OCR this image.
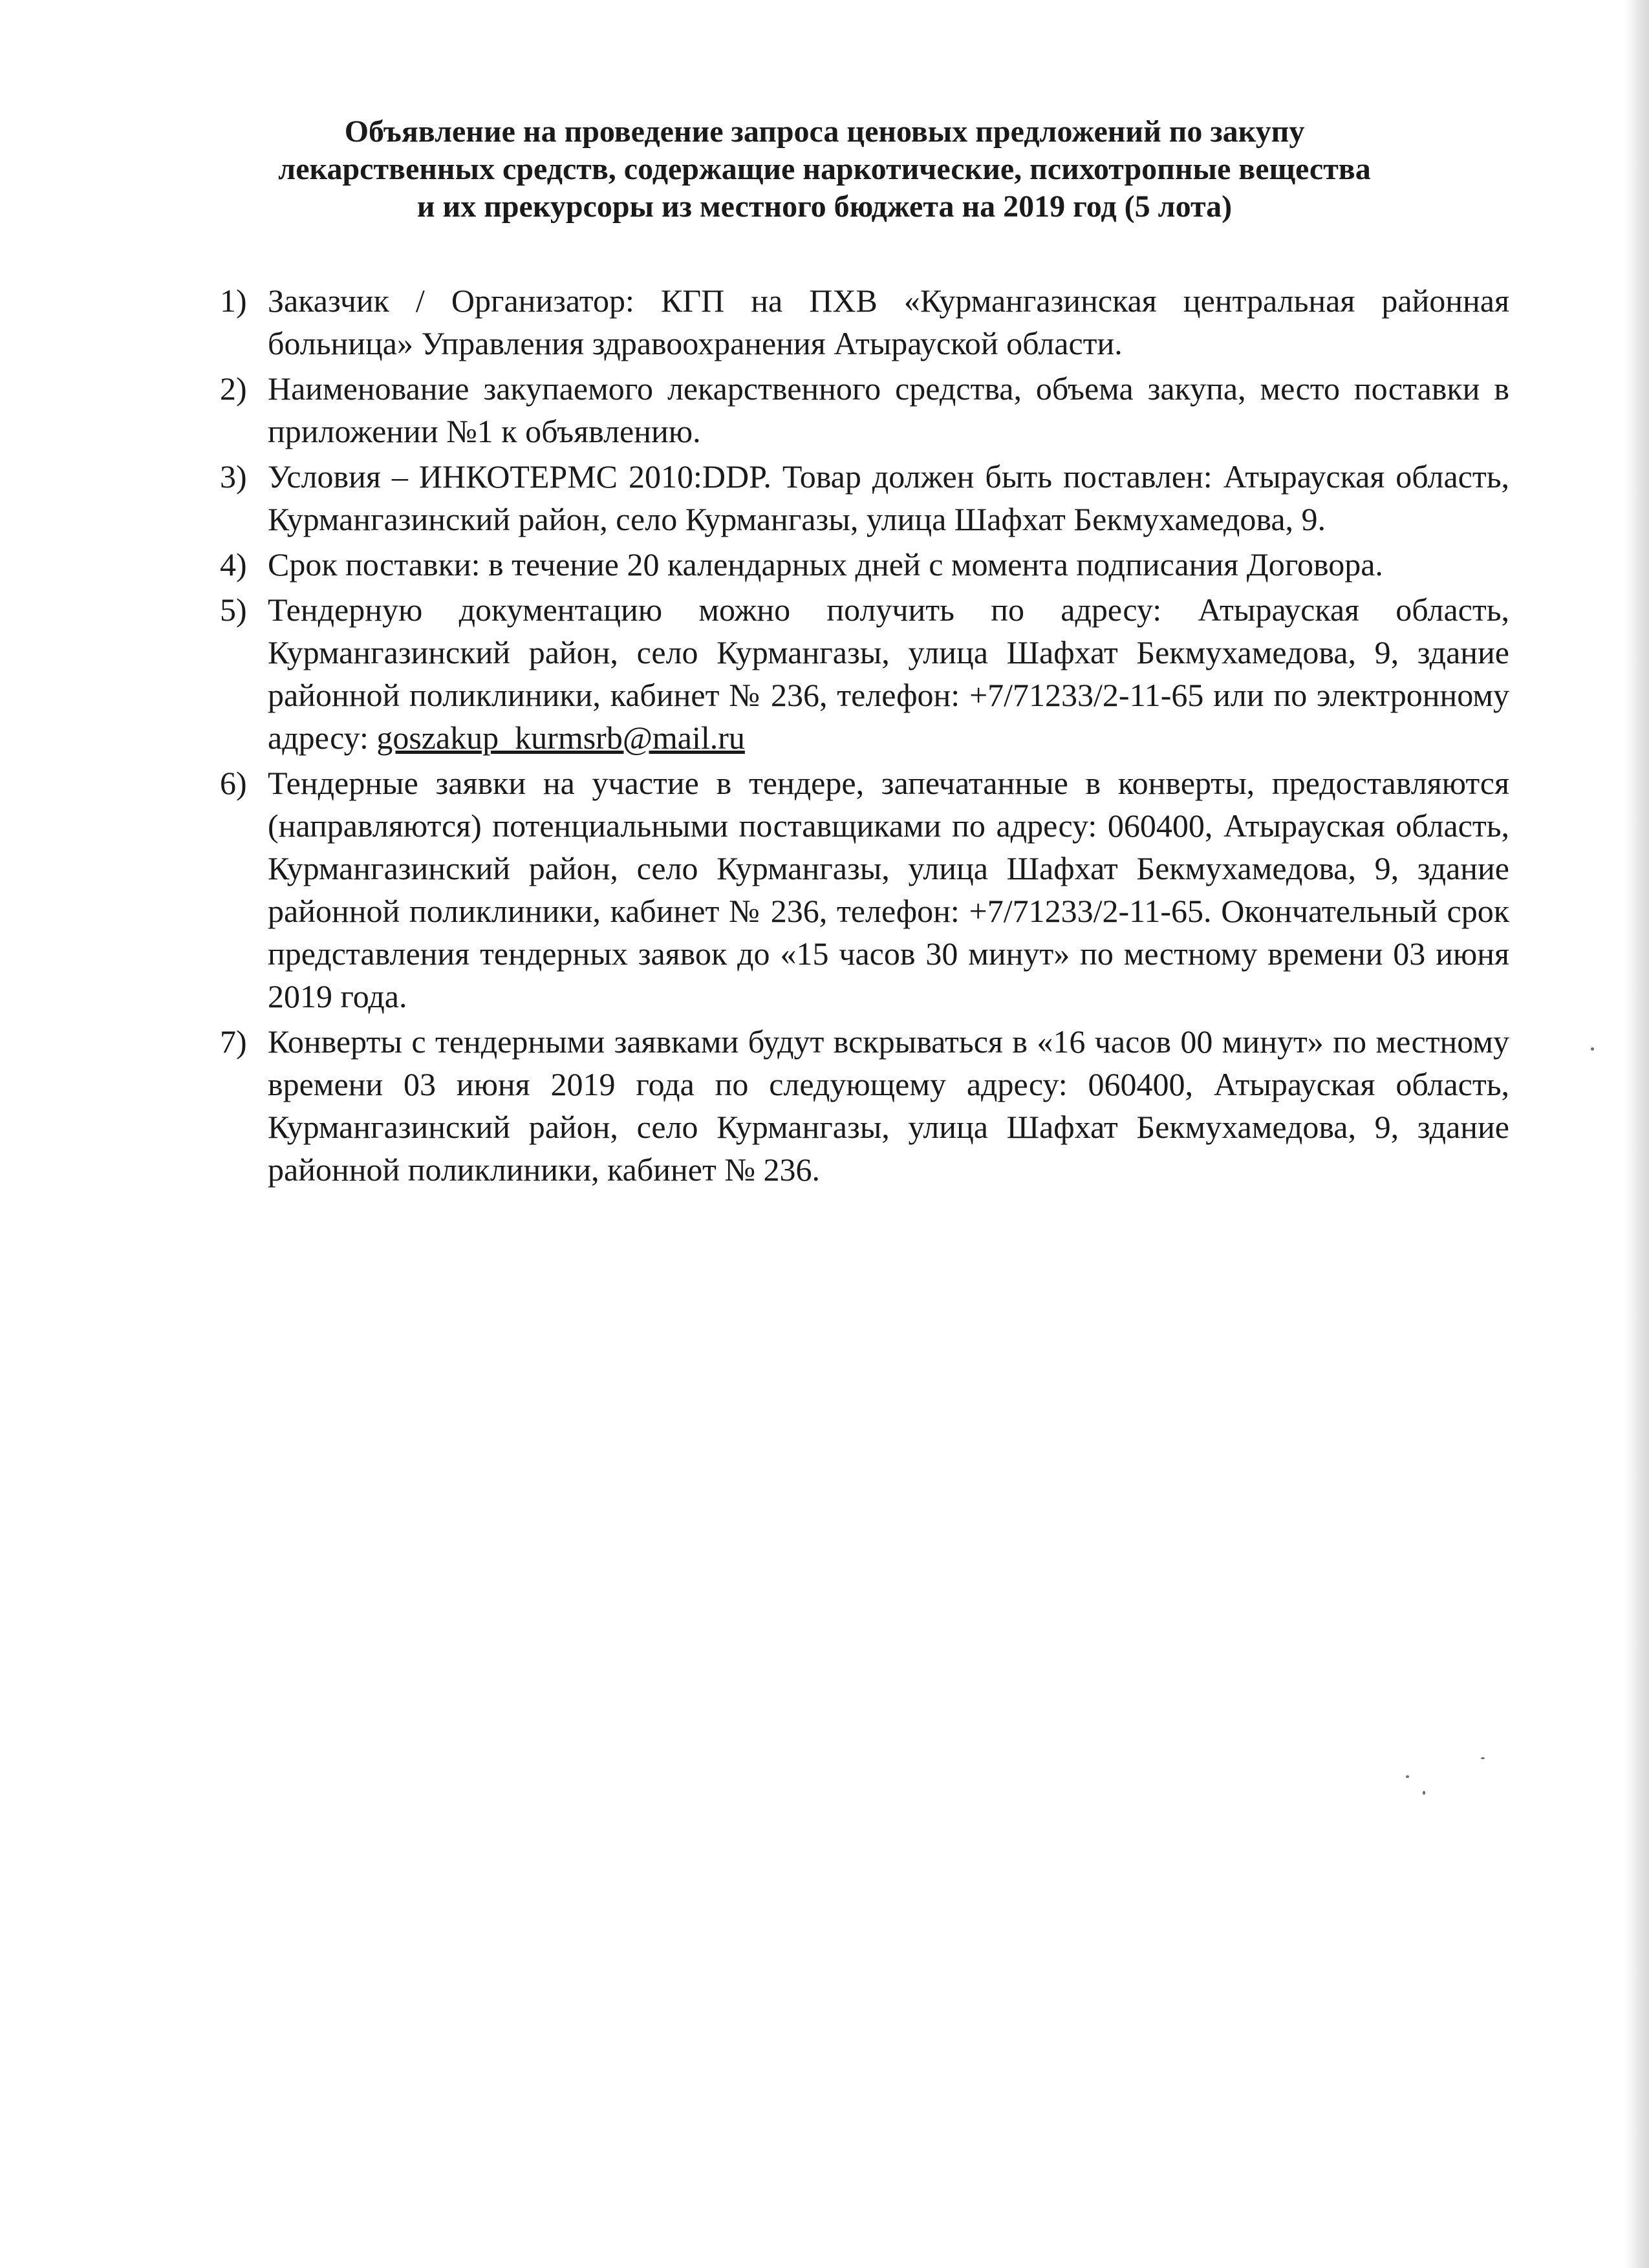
Объявление на проведение запроса ценовых предложений по закупу
лекарственных средств, содержащие наркотические, психотропные вещества
и их прекурсоры из местного бюджета на 2019 год (5 лота)
1) Заказчик / Организатор: КГП на ПХВ «Курмангазинская центральная районная больница» Управления здравоохранения Атырауской области.
2) Наименование закупаемого лекарственного средства, объема закупа, место поставки в приложении №1 к объявлению.
3) Условия – ИНКОТЕРМС 2010:DDP. Товар должен быть поставлен: Атырауская область, Курмангазинский район, село Курмангазы, улица Шафхат Бекмухамедова, 9.
4) Срок поставки: в течение 20 календарных дней с момента подписания Договора.
5) Тендерную документацию можно получить по адресу: Атырауская область, Курмангазинский район, село Курмангазы, улица Шафхат Бекмухамедова, 9, здание районной поликлиники, кабинет № 236, телефон: +7/71233/2-11-65 или по электронному адресу: goszakup_kurmsrb@mail.ru
6) Тендерные заявки на участие в тендере, запечатанные в конверты, предоставляются (направляются) потенциальными поставщиками по адресу: 060400, Атырауская область, Курмангазинский район, село Курмангазы, улица Шафхат Бекмухамедова, 9, здание районной поликлиники, кабинет № 236, телефон: +7/71233/2-11-65. Окончательный срок представления тендерных заявок до «15 часов 30 минут» по местному времени 03 июня 2019 года.
7) Конверты с тендерными заявками будут вскрываться в «16 часов 00 минут» по местному времени 03 июня 2019 года по следующему адресу: 060400, Атырауская область, Курмангазинский район, село Курмангазы, улица Шафхат Бекмухамедова, 9, здание районной поликлиники, кабинет № 236.
